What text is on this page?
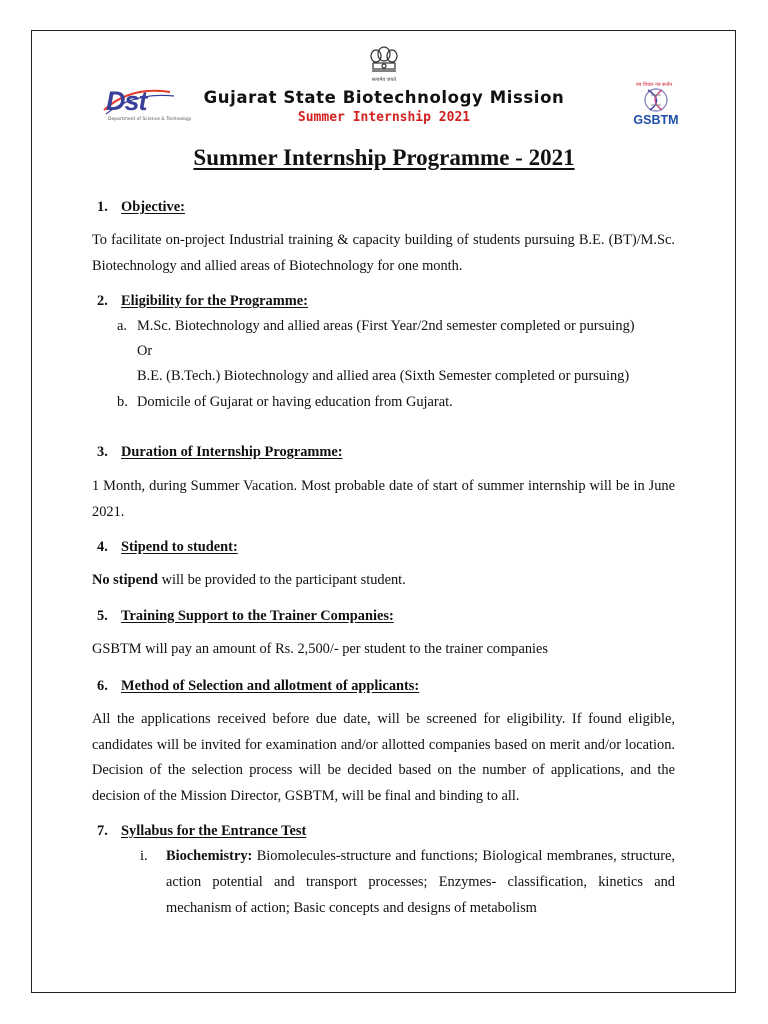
सत्यमेव जयते
Dst
Department of Science & Technology
Gujarat State Biotechnology Mission
Summer Internship 2021
नव विचार नव सर्जन
GSBTM
Summer Internship Programme - 2021
1. Objective:
To facilitate on-project Industrial training & capacity building of students pursuing B.E. (BT)/M.Sc. Biotechnology and allied areas of Biotechnology for one month.
2. Eligibility for the Programme:
a. M.Sc. Biotechnology and allied areas (First Year/2nd semester completed or pursuing)
Or
B.E. (B.Tech.) Biotechnology and allied area (Sixth Semester completed or pursuing)
b. Domicile of Gujarat or having education from Gujarat.
3. Duration of Internship Programme:
1 Month, during Summer Vacation. Most probable date of start of summer internship will be in June 2021.
4. Stipend to student:
No stipend will be provided to the participant student.
5. Training Support to the Trainer Companies:
GSBTM will pay an amount of Rs. 2,500/- per student to the trainer companies
6. Method of Selection and allotment of applicants:
All the applications received before due date, will be screened for eligibility. If found eligible, candidates will be invited for examination and/or allotted companies based on merit and/or location. Decision of the selection process will be decided based on the number of applications, and the decision of the Mission Director, GSBTM, will be final and binding to all.
7. Syllabus for the Entrance Test
i. Biochemistry: Biomolecules-structure and functions; Biological membranes, structure, action potential and transport processes; Enzymes- classification, kinetics and mechanism of action; Basic concepts and designs of metabolism
